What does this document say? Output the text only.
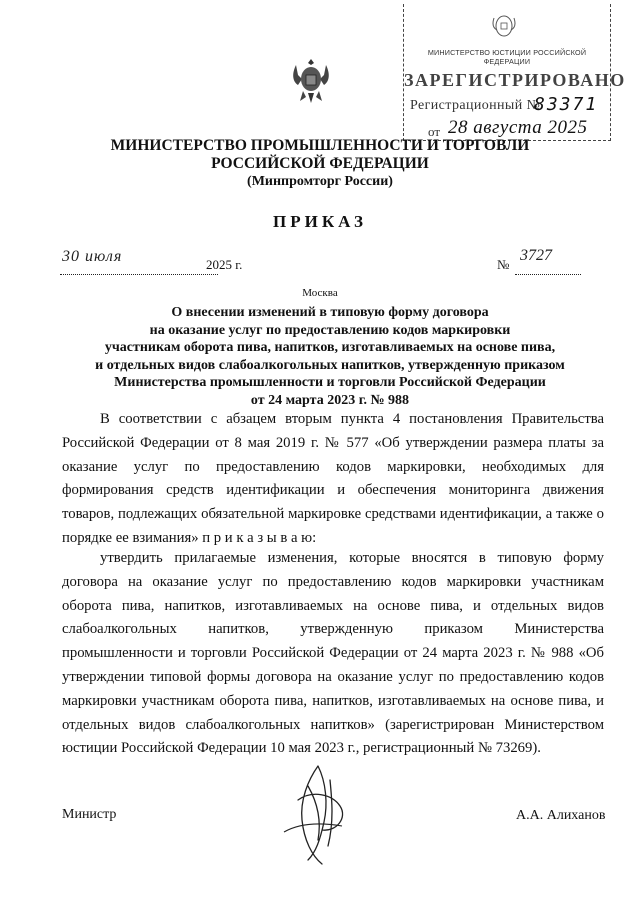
МИНИСТЕРСТВО ЮСТИЦИИ РОССИЙСКОЙ ФЕДЕРАЦИИ
ЗАРЕГИСТРИРОВАНО
Регистрационный №
83371
от 28 августа 2025
МИНИСТЕРСТВО ПРОМЫШЛЕННОСТИ И ТОРГОВЛИ
РОССИЙСКОЙ ФЕДЕРАЦИИ
(Минпромторг России)
ПРИКАЗ
30 июля	2025 г.	№
3727
Москва
О внесении изменений в типовую форму договора
на оказание услуг по предоставлению кодов маркировки
участникам оборота пива, напитков, изготавливаемых на основе пива,
и отдельных видов слабоалкогольных напитков, утвержденную приказом
Министерства промышленности и торговли Российской Федерации
от 24 марта 2023 г. № 988

В соответствии с абзацем вторым пункта 4 постановления Правительства Российской Федерации от 8 мая 2019 г. № 577 «Об утверждении размера платы за оказание услуг по предоставлению кодов маркировки, необходимых для формирования средств идентификации и обеспечения мониторинга движения товаров, подлежащих обязательной маркировке средствами идентификации, а также о порядке ее взимания» п р и к а з ы в а ю:

утвердить прилагаемые изменения, которые вносятся в типовую форму договора на оказание услуг по предоставлению кодов маркировки участникам оборота пива, напитков, изготавливаемых на основе пива, и отдельных видов слабоалкогольных напитков, утвержденную приказом Министерства промышленности и торговли Российской Федерации от 24 марта 2023 г. № 988 «Об утверждении типовой формы договора на оказание услуг по предоставлению кодов маркировки участникам оборота пива, напитков, изготавливаемых на основе пива, и отдельных видов слабоалкогольных напитков» (зарегистрирован Министерством юстиции Российской Федерации 10 мая 2023 г., регистрационный № 73269).

Министр	А.А. Алиханов
